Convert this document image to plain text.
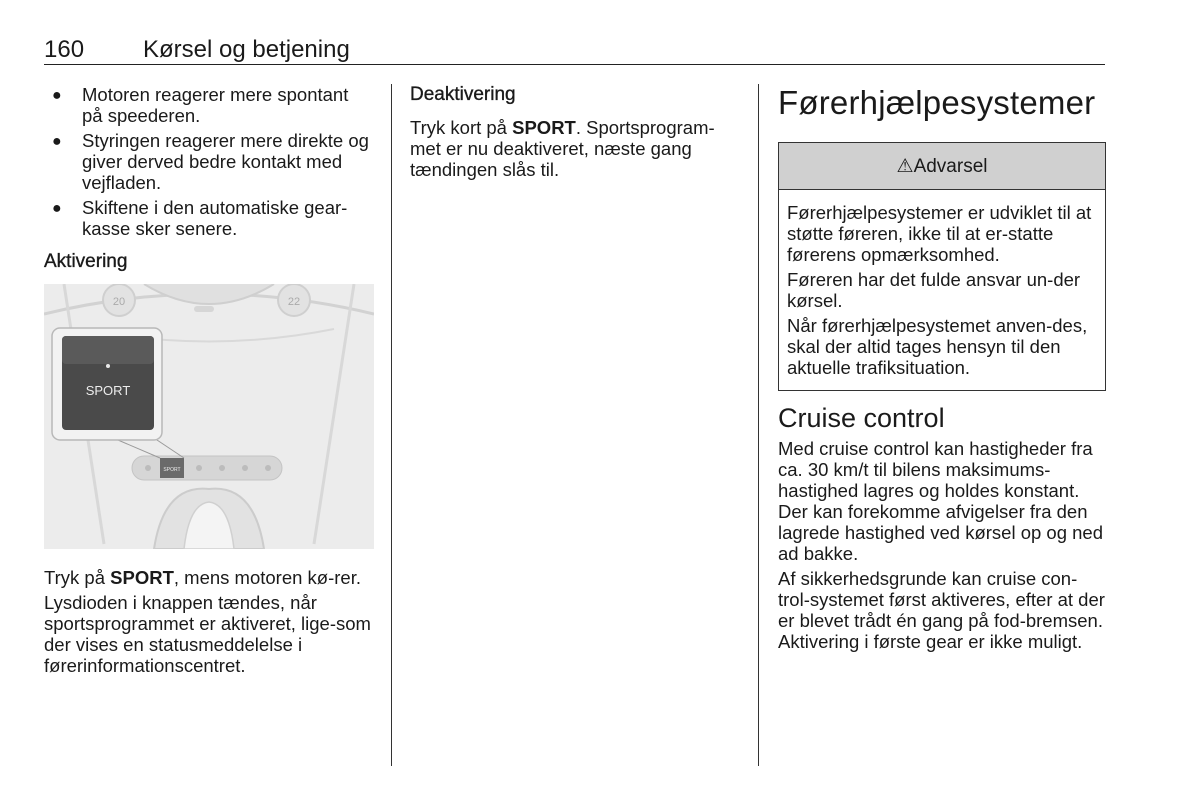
160 Kørsel og betjening
● Motoren reagerer mere spontant på speederen.
● Styringen reagerer mere direkte og giver derved bedre kontakt med vejfladen.
● Skiftene i den automatiske gear-kasse sker senere.
Aktivering
20	22
SPORT
SPORT

Tryk på SPORT, mens motoren kø-rer.

Lysdioden i knappen tændes, når sportsprogrammet er aktiveret, lige-som der vises en statusmeddelelse i førerinformationscentret.

Deaktivering

Tryk kort på SPORT. Sportsprogram-met er nu deaktiveret, næste gang tændingen slås til.

Førerhjælpesystemer
⚠ Advarsel

Førerhjælpesystemer er udviklet til at støtte føreren, ikke til at er-statte førerens opmærksomhed.

Føreren har det fulde ansvar un-der kørsel.

Når førerhjælpesystemet anven-des, skal der altid tages hensyn til den aktuelle trafiksituation.

Cruise control

Med cruise control kan hastigheder fra ca. 30 km/t til bilens maksimums-hastighed lagres og holdes konstant. Der kan forekomme afvigelser fra den lagrede hastighed ved kørsel op og ned ad bakke.

Af sikkerhedsgrunde kan cruise con-trol-systemet først aktiveres, efter at der er blevet trådt én gang på fod-bremsen. Aktivering i første gear er ikke muligt.
